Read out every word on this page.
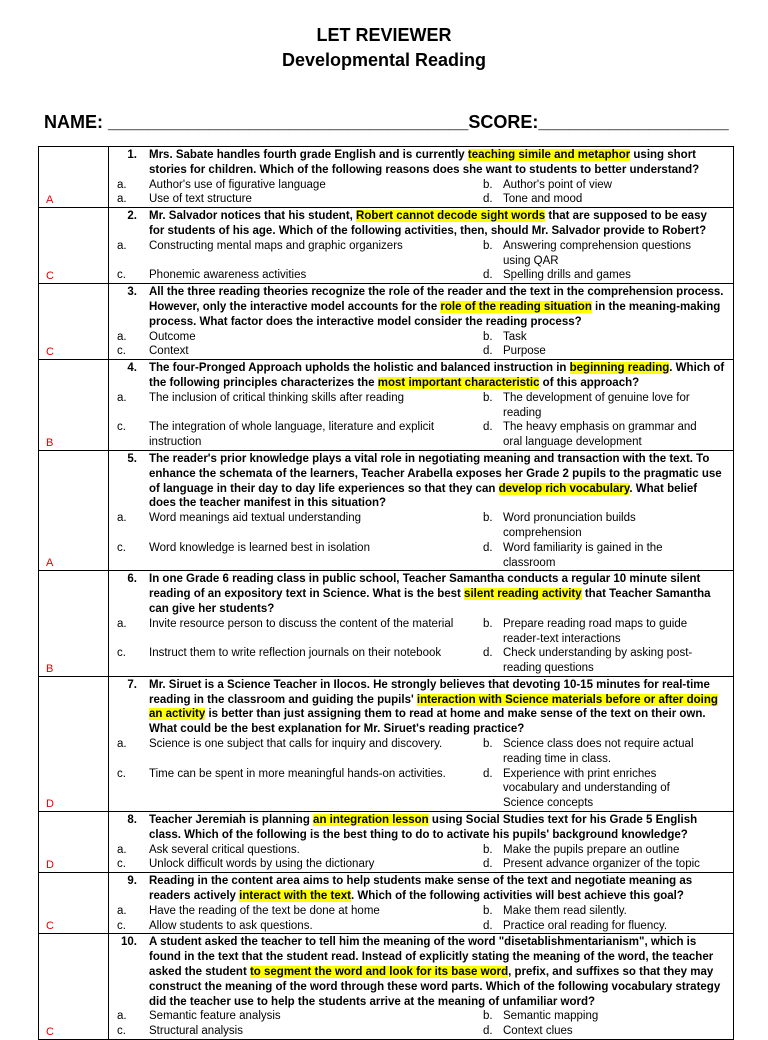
LET REVIEWER
Developmental Reading
NAME: ____________________________________SCORE:___________________
A
1.	Mrs. Sabate handles fourth grade English and is currently teaching simile and metaphor using short stories for children. Which of the following reasons does she want to students to better understand?
a.	Author's use of figurative language	b. Author's point of view
a.	Use of text structure	d. Tone and mood
C
2.	Mr. Salvador notices that his student, Robert cannot decode sight words that are supposed to be easy for students of his age. Which of the following activities, then, should Mr. Salvador provide to Robert?
a.	Constructing mental maps and graphic organizers	b. Answering comprehension questions using QAR
c.	Phonemic awareness activities	d. Spelling drills and games
C
3.	All the three reading theories recognize the role of the reader and the text in the comprehension process. However, only the interactive model accounts for the role of the reading situation in the meaning-making process. What factor does the interactive model consider the reading process?
a.	Outcome	b. Task
c.	Context	d. Purpose
B
4.	The four-Pronged Approach upholds the holistic and balanced instruction in beginning reading. Which of the following principles characterizes the most important characteristic of this approach?
a.	The inclusion of critical thinking skills after reading	b. The development of genuine love for reading
c.	The integration of whole language, literature and explicit instruction
d. The heavy emphasis on grammar and oral language development
A
5.	The reader's prior knowledge plays a vital role in negotiating meaning and transaction with the text. To enhance the schemata of the learners, Teacher Arabella exposes her Grade 2 pupils to the pragmatic use of language in their day to day life experiences so that they can develop rich vocabulary. What belief does the teacher manifest in this situation?
a.	Word meanings aid textual understanding	b. Word pronunciation builds comprehension
c.	Word knowledge is learned best in isolation	d. Word familiarity is gained in the classroom
B
6.	In one Grade 6 reading class in public school, Teacher Samantha conducts a regular 10 minute silent reading of an expository text in Science. What is the best silent reading activity that Teacher Samantha can give her students?
a.	Invite resource person to discuss the content of the material	b. Prepare reading road maps to guide reader-text interactions
c.	Instruct them to write reflection journals on their notebook	d. Check understanding by asking post-reading questions
D
7.	Mr. Siruet is a Science Teacher in Ilocos. He strongly believes that devoting 10-15 minutes for real-time reading in the classroom and guiding the pupils' interaction with Science materials before or after doing an activity is better than just assigning them to read at home and make sense of the text on their own. What could be the best explanation for Mr. Siruet's reading practice?
a.	Science is one subject that calls for inquiry and discovery.	b. Science class does not require actual reading time in class.
c.	Time can be spent in more meaningful hands-on activities.	d. Experience with print enriches vocabulary and understanding of Science concepts
D
8.	Teacher Jeremiah is planning an integration lesson using Social Studies text for his Grade 5 English class. Which of the following is the best thing to do to activate his pupils' background knowledge?
a.	Ask several critical questions.	b. Make the pupils prepare an outline
c.	Unlock difficult words by using the dictionary	d. Present advance organizer of the topic
C
9.	Reading in the content area aims to help students make sense of the text and negotiate meaning as readers actively interact with the text. Which of the following activities will best achieve this goal?
a.	Have the reading of the text be done at home	b. Make them read silently.
c.	Allow students to ask questions.	d. Practice oral reading for fluency.
C
10.	A student asked the teacher to tell him the meaning of the word "disetablishmentarianism", which is found in the text that the student read. Instead of explicitly stating the meaning of the word, the teacher asked the student to segment the word and look for its base word, prefix, and suffixes so that they may construct the meaning of the word through these word parts. Which of the following vocabulary strategy did the teacher use to help the students arrive at the meaning of unfamiliar word?
a.	Semantic feature analysis	b. Semantic mapping
c.	Structural analysis	d. Context clues
